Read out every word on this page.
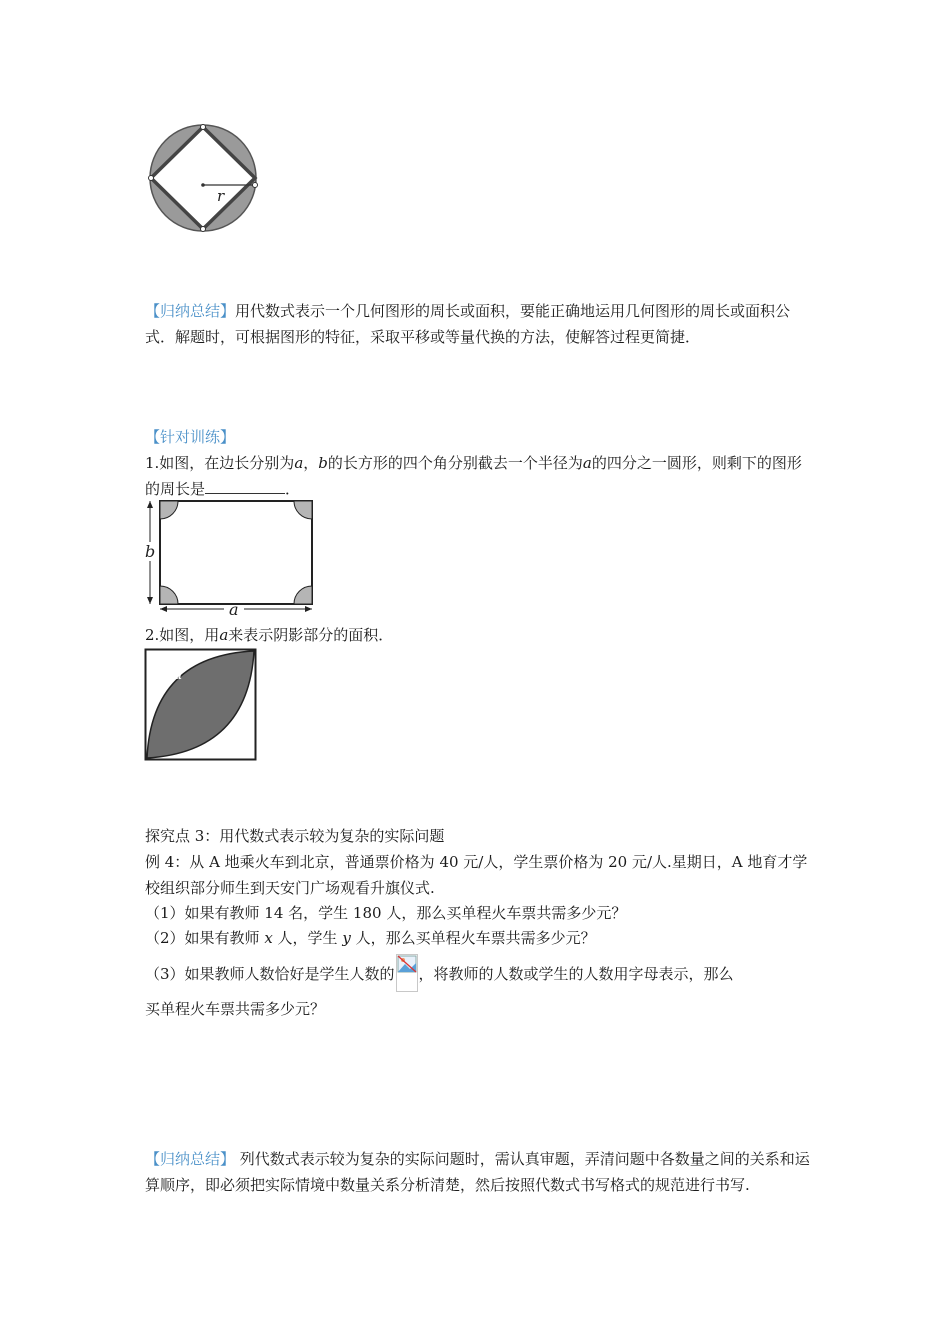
r

【归纳总结】用代数式表示一个几何图形的周长或面积，要能正确地运用几何图形的周长或面积公式．解题时，可根据图形的特征，采取平移或等量代换的方法，使解答过程更简捷．

【针对训练】

1.如图，在边长分别为a，b的长方形的四个角分别截去一个半径为a的四分之一圆形，则剩下的图形的周长是	．

b
a

2.如图，用a来表示阴影部分的面积．

a
a

探究点 3：用代数式表示较为复杂的实际问题

例 4：从 A 地乘火车到北京，普通票价格为 40 元/人，学生票价格为 20 元/人.星期日，A 地育才学校组织部分师生到天安门广场观看升旗仪式.

（1）如果有教师 14 名，学生 180 人，那么买单程火车票共需多少元？

（2）如果有教师 x 人，学生 y 人，那么买单程火车票共需多少元？

（3）如果教师人数恰好是学生人数的 ，将教师的人数或学生的人数用字母表示，那么

买单程火车票共需多少元？

【归纳总结】 列代数式表示较为复杂的实际问题时，需认真审题，弄清问题中各数量之间的关系和运算顺序，即必须把实际情境中数量关系分析清楚，然后按照代数式书写格式的规范进行书写.
